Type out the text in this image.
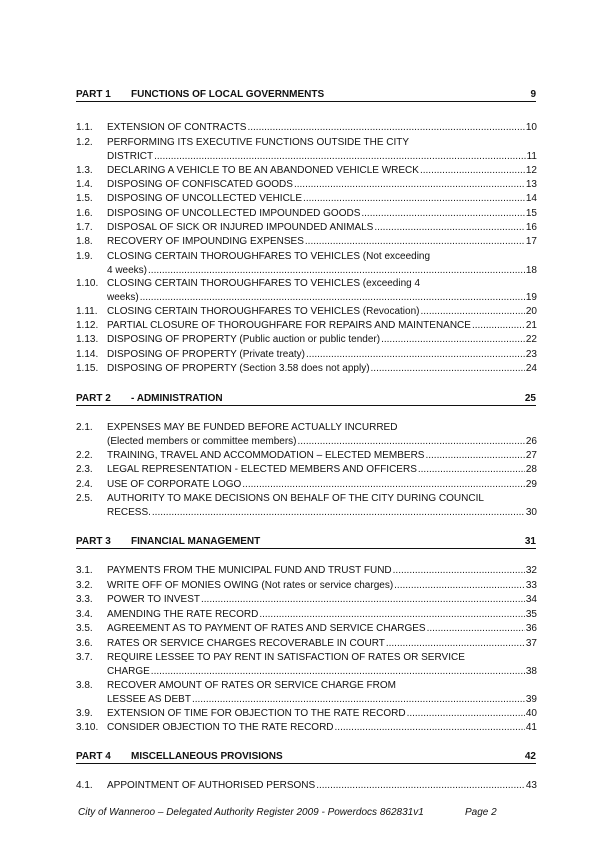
PART 1 FUNCTIONS OF LOCAL GOVERNMENTS	9
1.1. EXTENSION OF CONTRACTS .....	10
1.2. PERFORMING ITS EXECUTIVE FUNCTIONS OUTSIDE THE CITY
DISTRICT .....	11
1.3. DECLARING A VEHICLE TO BE AN ABANDONED VEHICLE WRECK .....	12
1.4. DISPOSING OF CONFISCATED GOODS .....	13
1.5. DISPOSING OF UNCOLLECTED VEHICLE .....	14
1.6. DISPOSING OF UNCOLLECTED IMPOUNDED GOODS .....	15
1.7. DISPOSAL OF SICK OR INJURED IMPOUNDED ANIMALS .....	16
1.8. RECOVERY OF IMPOUNDING EXPENSES .....	17
1.9. CLOSING CERTAIN THOROUGHFARES TO VEHICLES (Not exceeding
4 weeks) .....	18
1.10. CLOSING CERTAIN THOROUGHFARES TO VEHICLES (exceeding 4
weeks) .....	19
1.11. CLOSING CERTAIN THOROUGHFARES TO VEHICLES (Revocation) .....	20
1.12. PARTIAL CLOSURE OF THOROUGHFARE FOR REPAIRS AND MAINTENANCE .....	21
1.13. DISPOSING OF PROPERTY (Public auction or public tender) .....	22
1.14. DISPOSING OF PROPERTY (Private treaty) .....	23
1.15. DISPOSING OF PROPERTY (Section 3.58 does not apply) .....	24
PART 2 - ADMINISTRATION	25
2.1. EXPENSES MAY BE FUNDED BEFORE ACTUALLY INCURRED
(Elected members or committee members) .....	26
2.2. TRAINING, TRAVEL AND ACCOMMODATION – ELECTED MEMBERS .....	27
2.3. LEGAL REPRESENTATION - ELECTED MEMBERS AND OFFICERS .....	28
2.4. USE OF CORPORATE LOGO .....	29
2.5. AUTHORITY TO MAKE DECISIONS ON BEHALF OF THE CITY DURING COUNCIL
RECESS. .....	30
PART 3 FINANCIAL MANAGEMENT	31
3.1. PAYMENTS FROM THE MUNICIPAL FUND AND TRUST FUND .....	32
3.2. WRITE OFF OF MONIES OWING (Not rates or service charges) .....	33
3.3. POWER TO INVEST .....	34
3.4. AMENDING THE RATE RECORD .....	35
3.5. AGREEMENT AS TO PAYMENT OF RATES AND SERVICE CHARGES .....	36
3.6. RATES OR SERVICE CHARGES RECOVERABLE IN COURT .....	37
3.7. REQUIRE LESSEE TO PAY RENT IN SATISFACTION OF RATES OR SERVICE
CHARGE .....	38
3.8. RECOVER AMOUNT OF RATES OR SERVICE CHARGE FROM
LESSEE AS DEBT .....	39
3.9. EXTENSION OF TIME FOR OBJECTION TO THE RATE RECORD .....	40
3.10. CONSIDER OBJECTION TO THE RATE RECORD .....	41
PART 4 MISCELLANEOUS PROVISIONS	42
4.1. APPOINTMENT OF AUTHORISED PERSONS .....	43
City of Wanneroo – Delegated Authority Register 2009 - Powerdocs 862831v1	Page 2
